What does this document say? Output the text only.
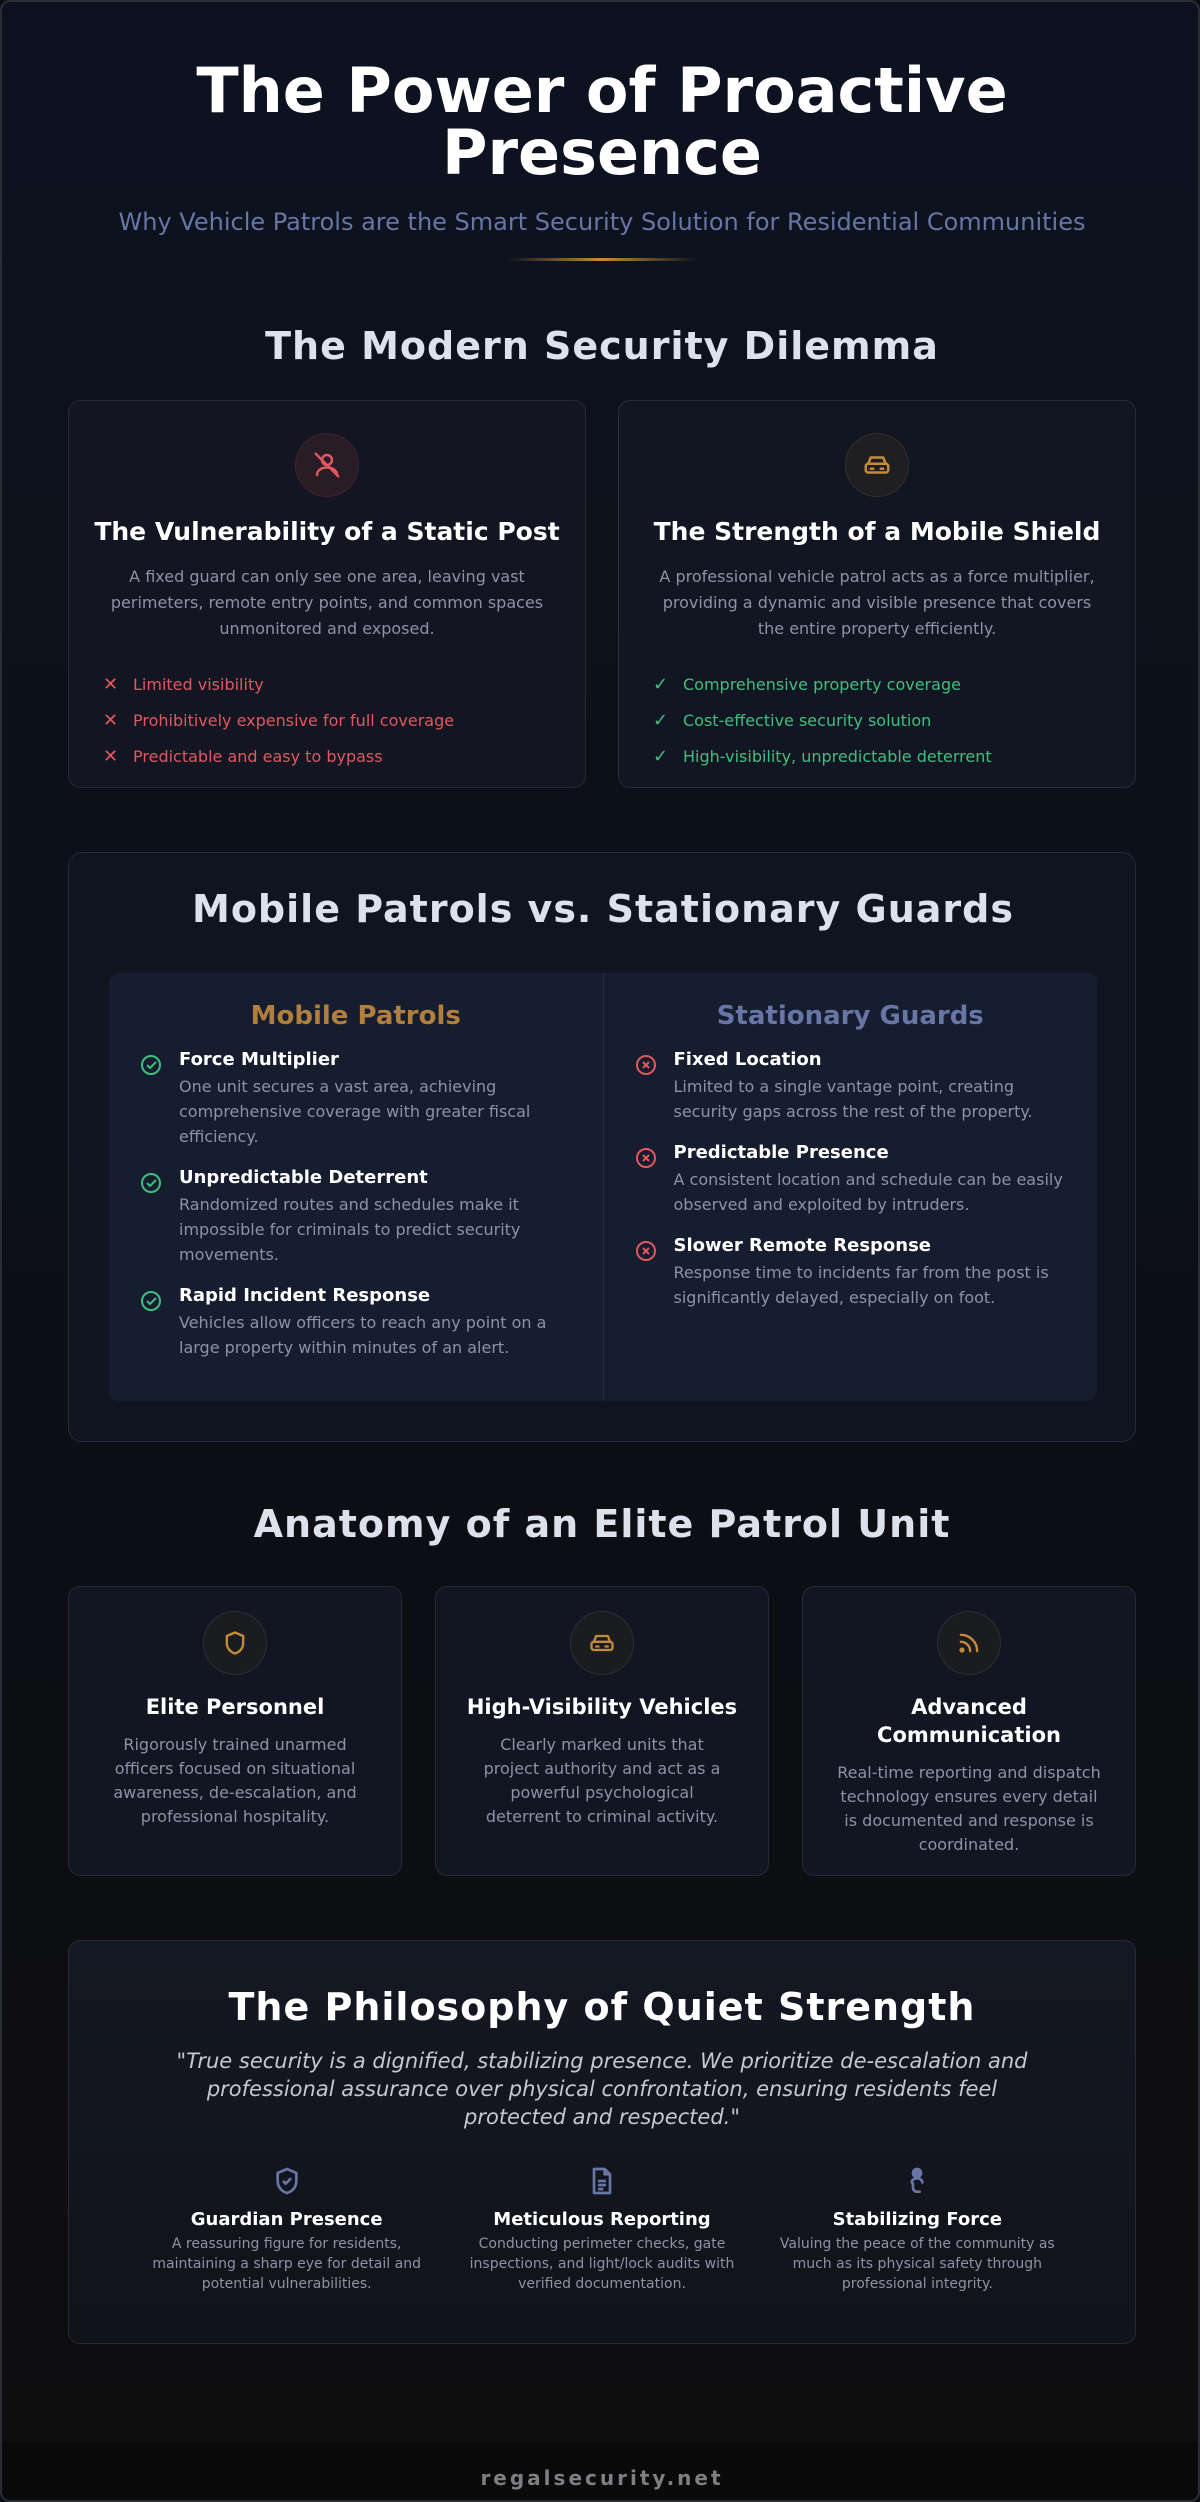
The Power of Proactive Presence
Why Vehicle Patrols are the Smart Security Solution for Residential Communities
The Modern Security Dilemma
The Vulnerability of a Static Post
A fixed guard can only see one area, leaving vast perimeters, remote entry points, and common spaces unmonitored and exposed.
✕ Limited visibility
✕ Prohibitively expensive for full coverage
✕ Predictable and easy to bypass
The Strength of a Mobile Shield
A professional vehicle patrol acts as a force multiplier, providing a dynamic and visible presence that covers the entire property efficiently.
✓ Comprehensive property coverage
✓ Cost-effective security solution
✓ High-visibility, unpredictable deterrent
Mobile Patrols vs. Stationary Guards
Mobile Patrols
Force Multiplier
One unit secures a vast area, achieving comprehensive coverage with greater fiscal efficiency.
Unpredictable Deterrent
Randomized routes and schedules make it impossible for criminals to predict security movements.
Rapid Incident Response
Vehicles allow officers to reach any point on a large property within minutes of an alert.
Stationary Guards
Fixed Location
Limited to a single vantage point, creating security gaps across the rest of the property.
Predictable Presence
A consistent location and schedule can be easily observed and exploited by intruders.
Slower Remote Response
Response time to incidents far from the post is significantly delayed, especially on foot.
Anatomy of an Elite Patrol Unit
Elite Personnel
Rigorously trained unarmed officers focused on situational awareness, de-escalation, and professional hospitality.
High-Visibility Vehicles
Clearly marked units that project authority and act as a powerful psychological deterrent to criminal activity.
Advanced Communication
Real-time reporting and dispatch technology ensures every detail is documented and response is coordinated.
The Philosophy of Quiet Strength
"True security is a dignified, stabilizing presence. We prioritize de-escalation and professional assurance over physical confrontation, ensuring residents feel protected and respected."
Guardian Presence
A reassuring figure for residents, maintaining a sharp eye for detail and potential vulnerabilities.
Meticulous Reporting
Conducting perimeter checks, gate inspections, and light/lock audits with verified documentation.
Stabilizing Force
Valuing the peace of the community as much as its physical safety through professional integrity.
regalsecurity.net
